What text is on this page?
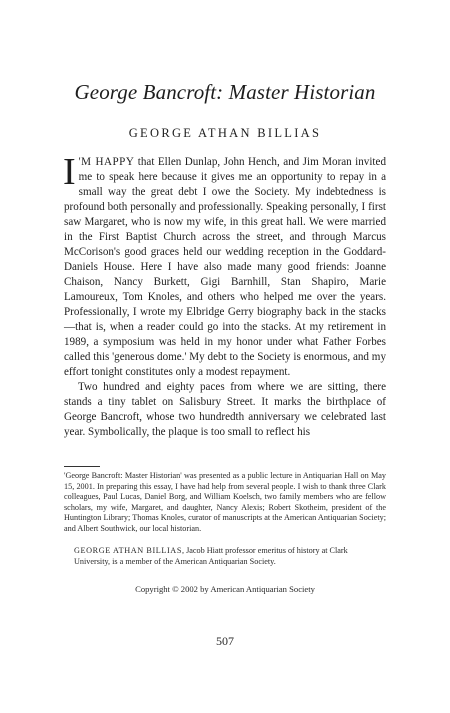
George Bancroft: Master Historian
GEORGE ATHAN BILLIAS

I 'M HAPPY that Ellen Dunlap, John Hench, and Jim Moran invited me to speak here because it gives me an opportunity to repay in a small way the great debt I owe the Society. My indebtedness is profound both personally and professionally. Speaking personally, I first saw Margaret, who is now my wife, in this great hall. We were married in the First Baptist Church across the street, and through Marcus McCorison's good graces held our wedding reception in the Goddard-Daniels House. Here I have also made many good friends: Joanne Chaison, Nancy Burkett, Gigi Barnhill, Stan Shapiro, Marie Lamoureux, Tom Knoles, and others who helped me over the years. Professionally, I wrote my Elbridge Gerry biography back in the stacks—that is, when a reader could go into the stacks. At my retirement in 1989, a symposium was held in my honor under what Father Forbes called this 'generous dome.' My debt to the Society is enormous, and my effort tonight constitutes only a modest repayment.

Two hundred and eighty paces from where we are sitting, there stands a tiny tablet on Salisbury Street. It marks the birthplace of George Bancroft, whose two hundredth anniversary we celebrated last year. Symbolically, the plaque is too small to reflect his

'George Bancroft: Master Historian' was presented as a public lecture in Antiquarian Hall on May 15, 2001. In preparing this essay, I have had help from several people. I wish to thank three Clark colleagues, Paul Lucas, Daniel Borg, and William Koelsch, two family members who are fellow scholars, my wife, Margaret, and daughter, Nancy Alexis; Robert Skotheim, president of the Huntington Library; Thomas Knoles, curator of manuscripts at the American Antiquarian Society; and Albert Southwick, our local historian.
GEORGE ATHAN BILLIAS, Jacob Hiatt professor emeritus of history at Clark University, is a member of the American Antiquarian Society.
Copyright © 2002 by American Antiquarian Society
507
